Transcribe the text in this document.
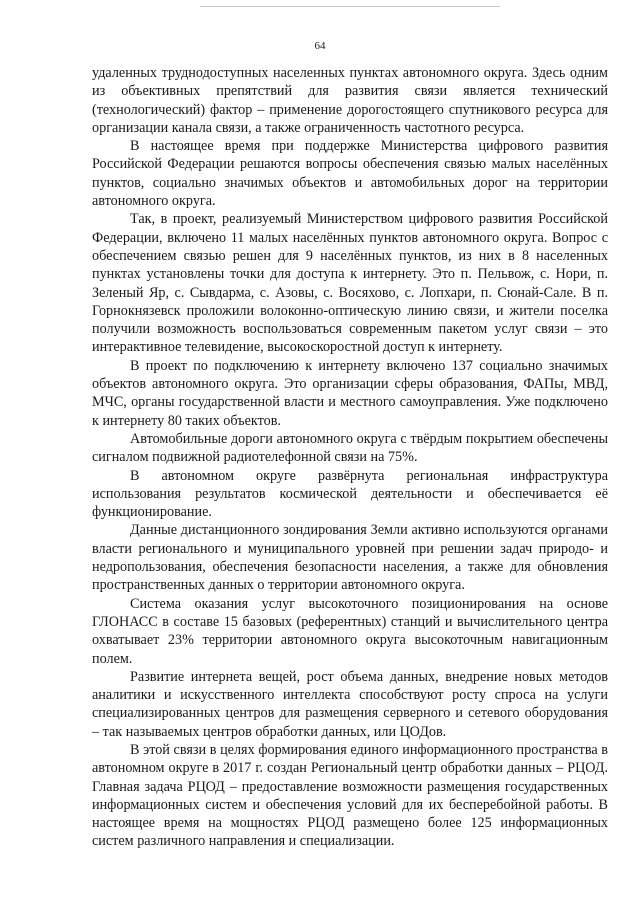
64

удаленных труднодоступных населенных пунктах автономного округа. Здесь одним из объективных препятствий для развития связи является технический (технологический) фактор – применение дорогостоящего спутникового ресурса для организации канала связи, а также ограниченность частотного ресурса.

В настоящее время при поддержке Министерства цифрового развития Российской Федерации решаются вопросы обеспечения связью малых населённых пунктов, социально значимых объектов и автомобильных дорог на территории автономного округа.

Так, в проект, реализуемый Министерством цифрового развития Российской Федерации, включено 11 малых населённых пунктов автономного округа. Вопрос с обеспечением связью решен для 9 населённых пунктов, из них в 8 населенных пунктах установлены точки для доступа к интернету. Это п. Пельвож, с. Нори, п. Зеленый Яр, с. Сывдарма, с. Азовы, с. Восяхово, с. Лопхари, п. Сюнай-Сале. В п. Горнокнязевск проложили волоконно-оптическую линию связи, и жители поселка получили возможность воспользоваться современным пакетом услуг связи – это интерактивное телевидение, высокоскоростной доступ к интернету.

В проект по подключению к интернету включено 137 социально значимых объектов автономного округа. Это организации сферы образования, ФАПы, МВД, МЧС, органы государственной власти и местного самоуправления. Уже подключено к интернету 80 таких объектов.

Автомобильные дороги автономного округа с твёрдым покрытием обеспечены сигналом подвижной радиотелефонной связи на 75%.

В автономном округе развёрнута региональная инфраструктура использования результатов космической деятельности и обеспечивается её функционирование.

Данные дистанционного зондирования Земли активно используются органами власти регионального и муниципального уровней при решении задач природо- и недропользования, обеспечения безопасности населения, а также для обновления пространственных данных о территории автономного округа.

Система оказания услуг высокоточного позиционирования на основе ГЛОНАСС в составе 15 базовых (референтных) станций и вычислительного центра охватывает 23% территории автономного округа высокоточным навигационным полем.

Развитие интернета вещей, рост объема данных, внедрение новых методов аналитики и искусственного интеллекта способствуют росту спроса на услуги специализированных центров для размещения серверного и сетевого оборудования – так называемых центров обработки данных, или ЦОДов.

В этой связи в целях формирования единого информационного пространства в автономном округе в 2017 г. создан Региональный центр обработки данных – РЦОД. Главная задача РЦОД – предоставление возможности размещения государственных информационных систем и обеспечения условий для их бесперебойной работы. В настоящее время на мощностях РЦОД размещено более 125 информационных систем различного направления и специализации.
